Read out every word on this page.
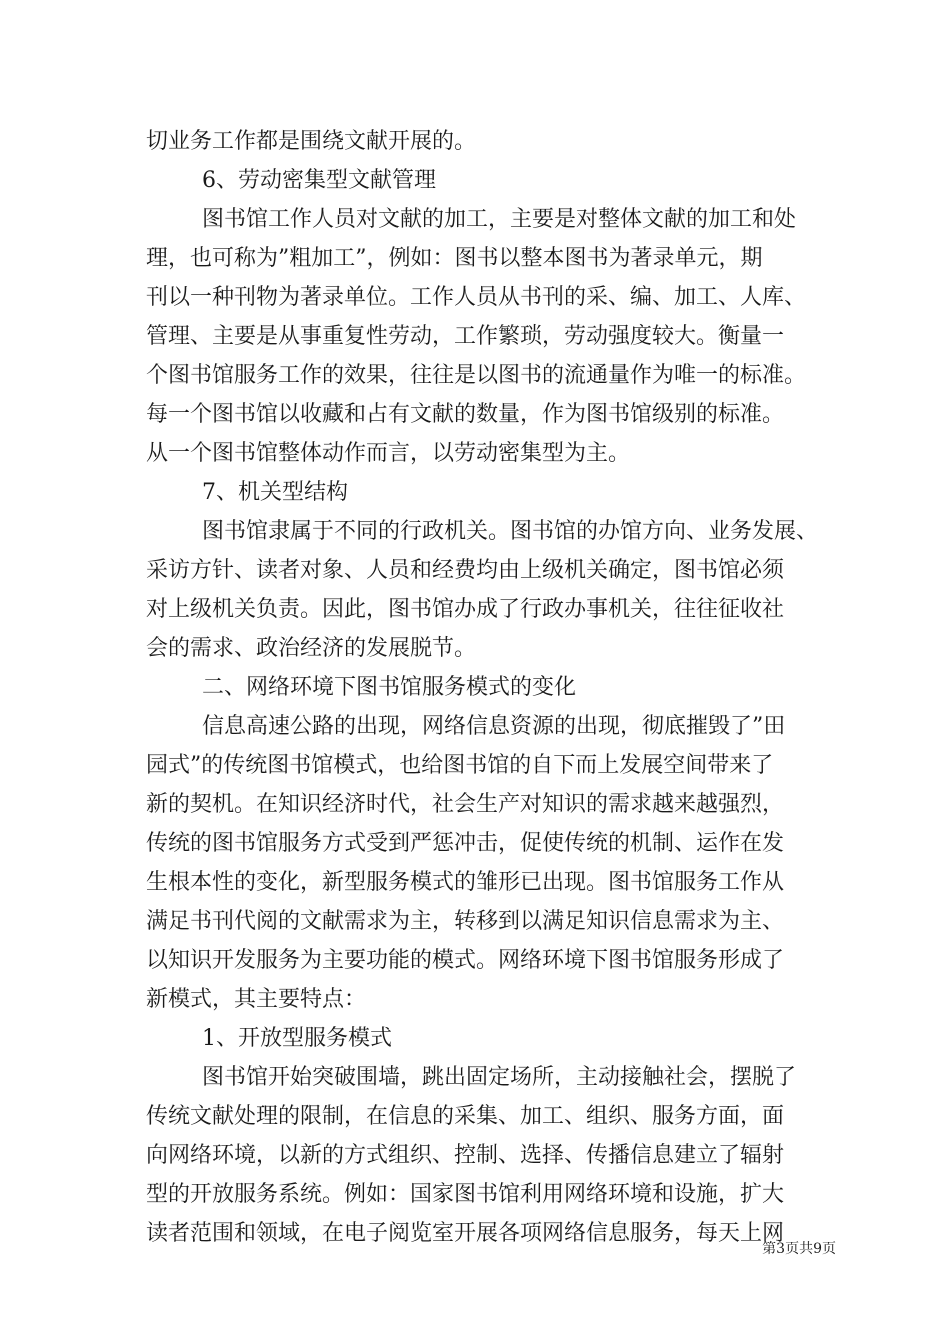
切业务工作都是围绕文献开展的。
6、劳动密集型文献管理
图书馆工作人员对文献的加工，主要是对整体文献的加工和处
理，也可称为”粗加工”，例如：图书以整本图书为著录单元，期
刊以一种刊物为著录单位。工作人员从书刊的采、编、加工、人库、
管理、主要是从事重复性劳动，工作繁琐，劳动强度较大。衡量一
个图书馆服务工作的效果，往往是以图书的流通量作为唯一的标准。
每一个图书馆以收藏和占有文献的数量，作为图书馆级别的标准。
从一个图书馆整体动作而言，以劳动密集型为主。
7、机关型结构
图书馆隶属于不同的行政机关。图书馆的办馆方向、业务发展、
采访方针、读者对象、人员和经费均由上级机关确定，图书馆必须
对上级机关负责。因此，图书馆办成了行政办事机关，往往征收社
会的需求、政治经济的发展脱节。
二、网络环境下图书馆服务模式的变化
信息高速公路的出现，网络信息资源的出现，彻底摧毁了”田
园式”的传统图书馆模式，也给图书馆的自下而上发展空间带来了
新的契机。在知识经济时代，社会生产对知识的需求越来越强烈，
传统的图书馆服务方式受到严惩冲击，促使传统的机制、运作在发
生根本性的变化，新型服务模式的雏形已出现。图书馆服务工作从
满足书刊代阅的文献需求为主，转移到以满足知识信息需求为主、
以知识开发服务为主要功能的模式。网络环境下图书馆服务形成了
新模式，其主要特点：
1、开放型服务模式
图书馆开始突破围墙，跳出固定场所，主动接触社会，摆脱了
传统文献处理的限制，在信息的采集、加工、组织、服务方面，面
向网络环境，以新的方式组织、控制、选择、传播信息建立了辐射
型的开放服务系统。例如：国家图书馆利用网络环境和设施，扩大
读者范围和领域，在电子阅览室开展各项网络信息服务，每天上网
第3页共9页
